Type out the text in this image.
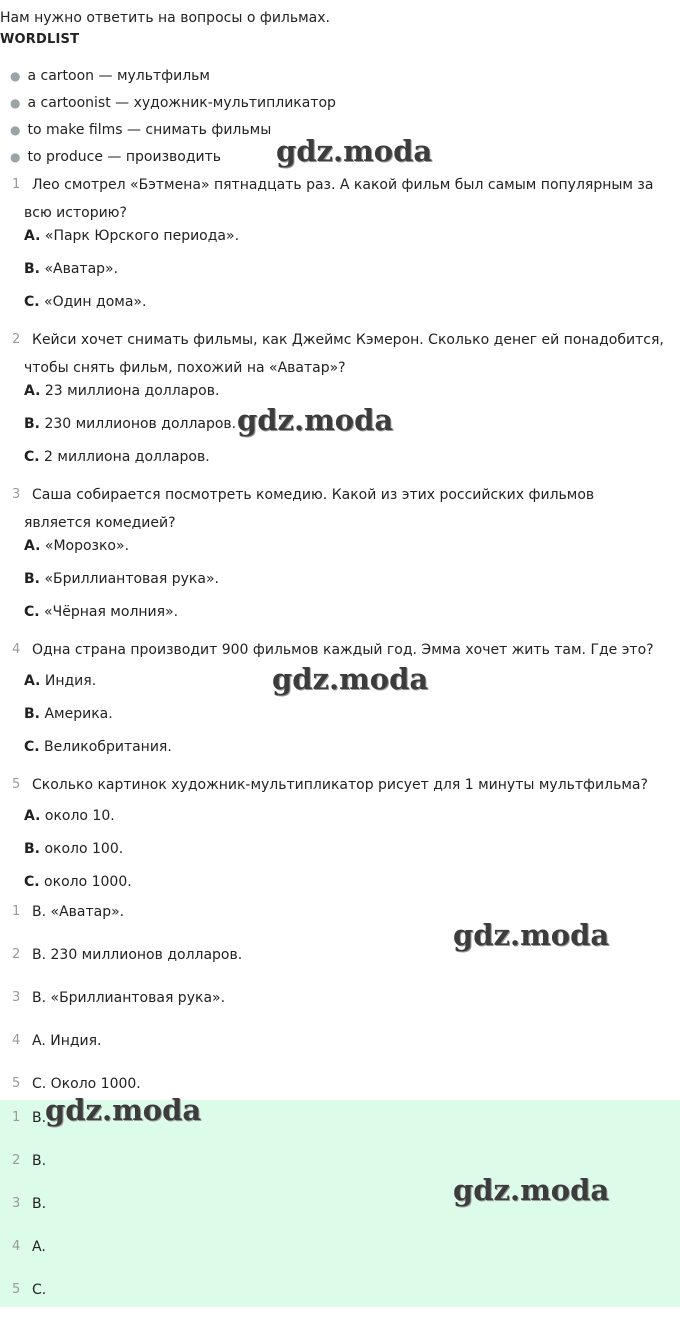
Нам нужно ответить на вопросы о фильмах.
WORDLIST
● a cartoon — мультфильм
● a cartoonist — художник-мультипликатор
● to make films — снимать фильмы
● to produce — производить
1 Лео смотрел «Бэтмена» пятнадцать раз. А какой фильм был самым популярным за
всю историю?
A. «Парк Юрского периода».
B. «Аватар».
C. «Один дома».
2 Кейси хочет снимать фильмы, как Джеймс Кэмерон. Сколько денег ей понадобится,
чтобы снять фильм, похожий на «Аватар»?
A. 23 миллиона долларов.
B. 230 миллионов долларов.
C. 2 миллиона долларов.
3 Саша собирается посмотреть комедию. Какой из этих российских фильмов
является комедией?
A. «Морозко».
B. «Бриллиантовая рука».
C. «Чёрная молния».
4 Одна страна производит 900 фильмов каждый год. Эмма хочет жить там. Где это?
A. Индия.
B. Америка.
C. Великобритания.
5 Сколько картинок художник-мультипликатор рисует для 1 минуты мультфильма?
A. около 10.
B. около 100.
C. около 1000.
1 B. «Аватар».
2 B. 230 миллионов долларов.
3 B. «Бриллиантовая рука».
4 A. Индия.
5 C. Около 1000.
1 B.
2 B.
3 B.
4 A.
5 C.
gdz.moda
gdz.moda
gdz.moda
gdz.moda
gdz.moda
gdz.moda
